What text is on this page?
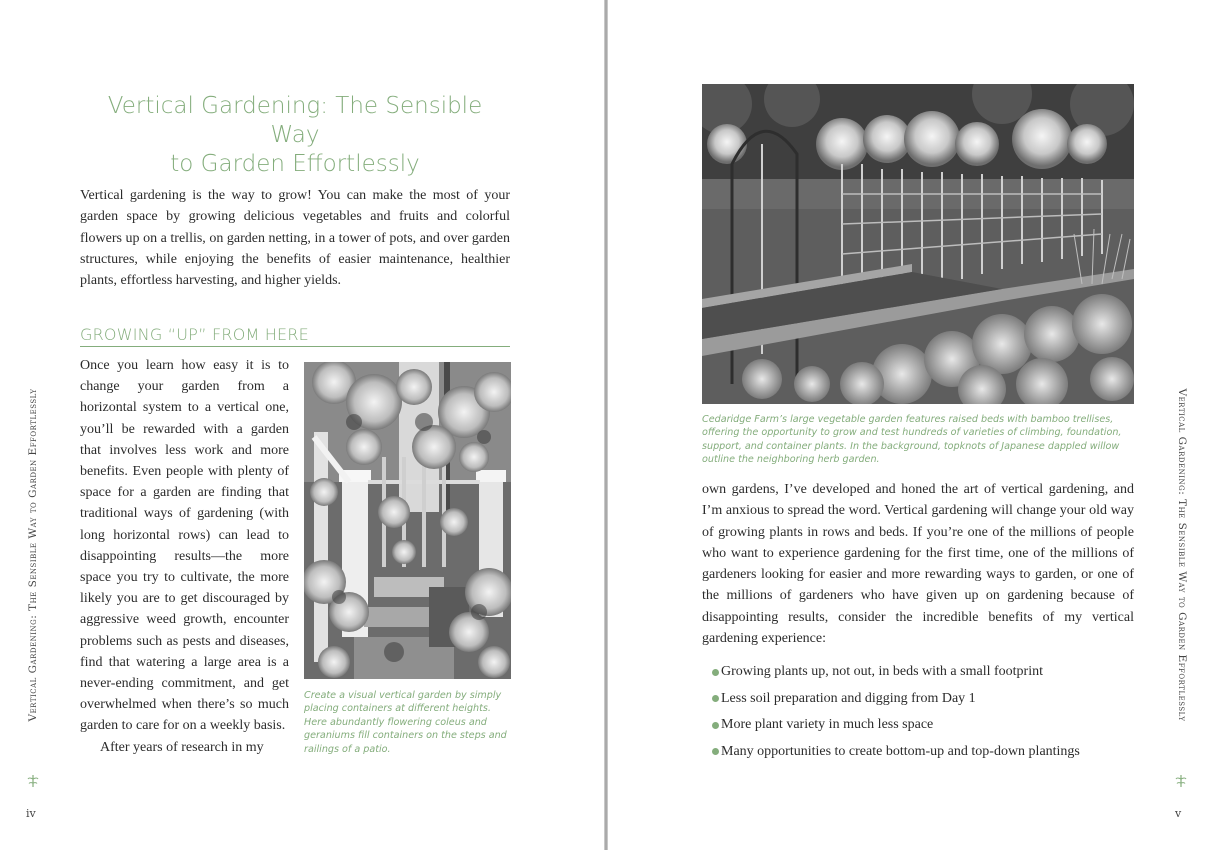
Vertical Gardening: The Sensible Way
to Garden Effortlessly

Vertical gardening is the way to grow! You can make the most of your garden space by growing delicious vegetables and fruits and colorful flowers up on a trellis, on garden netting, in a tower of pots, and over garden structures, while enjoying the benefits of easier maintenance, healthier plants, effortless harvesting, and higher yields.

GROWING “UP” FROM HERE
Once you learn how easy it is to change your garden from a horizontal system to a vertical one, you’ll be rewarded with a garden that involves less work and more benefits. Even people with plenty of space for a garden are finding that traditional ways of gardening (with long horizontal rows) can lead to disappointing results—the more space you try to cultivate, the more likely you are to get discouraged by aggressive weed growth, encounter problems such as pests and diseases, find that watering a large area is a never-ending commitment, and get overwhelmed when there’s so much garden to care for on a weekly basis.
After years of research in my

Create a visual vertical garden by simply placing containers at different heights. Here abundantly flowering coleus and geraniums fill containers on the steps and railings of a patio.

Vertical Gardening: The Sensible Way to Garden Effortlessly
iv

Cedaridge Farm’s large vegetable garden features raised beds with bamboo trellises, offering the opportunity to grow and test hundreds of varieties of climbing, foundation, support, and container plants. In the background, topknots of Japanese dappled willow outline the neighboring herb garden.

own gardens, I’ve developed and honed the art of vertical gardening, and I’m anxious to spread the word. Vertical gardening will change your old way of growing plants in rows and beds. If you’re one of the millions of people who want to experience gardening for the first time, one of the millions of gardeners looking for easier and more rewarding ways to garden, or one of the millions of gardeners who have given up on gardening because of disappointing results, consider the incredible benefits of my vertical gardening experience:

Growing plants up, not out, in beds with a small footprint
Less soil preparation and digging from Day 1
More plant variety in much less space
Many opportunities to create bottom-up and top-down plantings
Vertical Gardening: The Sensible Way to Garden Effortlessly
v
